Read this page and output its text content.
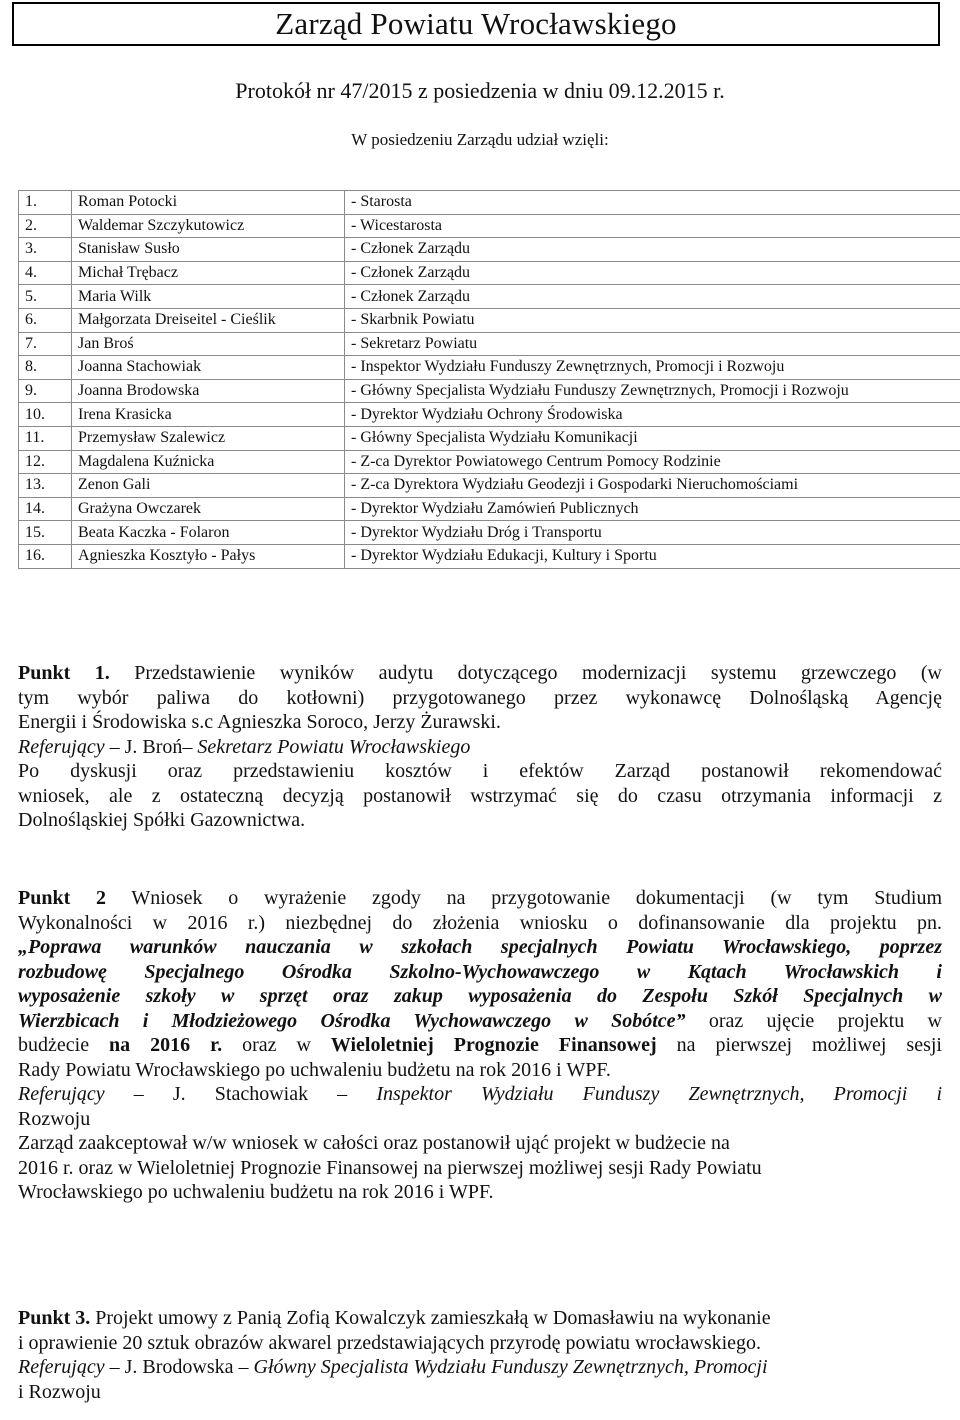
Zarząd Powiatu Wrocławskiego
Protokół nr 47/2015 z posiedzenia w dniu 09.12.2015 r.
W posiedzeniu Zarządu udział wzięli:
1.	Roman Potocki	- Starosta
2.	Waldemar Szczykutowicz	- Wicestarosta
3.	Stanisław Susło	- Członek Zarządu
4.	Michał Trębacz	- Członek Zarządu
5.	Maria Wilk	- Członek Zarządu
6.	Małgorzata Dreiseitel - Cieślik	- Skarbnik Powiatu
7.	Jan Broś	- Sekretarz Powiatu
8.	Joanna Stachowiak	- Inspektor Wydziału Funduszy Zewnętrznych, Promocji i Rozwoju
9.	Joanna Brodowska	- Główny Specjalista Wydziału Funduszy Zewnętrznych, Promocji i Rozwoju
10.	Irena Krasicka	- Dyrektor Wydziału Ochrony Środowiska
11.	Przemysław Szalewicz	- Główny Specjalista Wydziału Komunikacji
12.	Magdalena Kuźnicka	- Z-ca Dyrektor Powiatowego Centrum Pomocy Rodzinie
13.	Zenon Gali	- Z-ca Dyrektora Wydziału Geodezji i Gospodarki Nieruchomościami
14.	Grażyna Owczarek	- Dyrektor Wydziału Zamówień Publicznych
15.	Beata Kaczka - Folaron	- Dyrektor Wydziału Dróg i Transportu
16.	Agnieszka Kosztyło - Pałys	- Dyrektor Wydziału Edukacji, Kultury i Sportu
Punkt 1. Przedstawienie wyników audytu dotyczącego modernizacji systemu grzewczego (w
tym wybór paliwa do kotłowni) przygotowanego przez wykonawcę Dolnośląską Agencję
Energii i Środowiska s.c Agnieszka Soroco, Jerzy Żurawski.
Referujący – J. Broń– Sekretarz Powiatu Wrocławskiego
Po dyskusji oraz przedstawieniu kosztów i efektów Zarząd postanowił rekomendować
wniosek, ale z ostateczną decyzją postanowił wstrzymać się do czasu otrzymania informacji z
Dolnośląskiej Spółki Gazownictwa.
Punkt 2 Wniosek o wyrażenie zgody na przygotowanie dokumentacji (w tym Studium
Wykonalności w 2016 r.) niezbędnej do złożenia wniosku o dofinansowanie dla projektu pn.
„Poprawa warunków nauczania w szkołach specjalnych Powiatu Wrocławskiego, poprzez
rozbudowę Specjalnego Ośrodka Szkolno-Wychowawczego w Kątach Wrocławskich i
wyposażenie szkoły w sprzęt oraz zakup wyposażenia do Zespołu Szkół Specjalnych w
Wierzbicach i Młodzieżowego Ośrodka Wychowawczego w Sobótce” oraz ujęcie projektu w
budżecie na 2016 r. oraz w Wieloletniej Prognozie Finansowej na pierwszej możliwej sesji
Rady Powiatu Wrocławskiego po uchwaleniu budżetu na rok 2016 i WPF.
Referujący – J. Stachowiak – Inspektor Wydziału Funduszy Zewnętrznych, Promocji i
Rozwoju
Zarząd zaakceptował w/w wniosek w całości oraz postanowił ująć projekt w budżecie na
2016 r. oraz w Wieloletniej Prognozie Finansowej na pierwszej możliwej sesji Rady Powiatu
Wrocławskiego po uchwaleniu budżetu na rok 2016 i WPF.
Punkt 3. Projekt umowy z Panią Zofią Kowalczyk zamieszkałą w Domasławiu na wykonanie
i oprawienie 20 sztuk obrazów akwarel przedstawiających przyrodę powiatu wrocławskiego.
Referujący – J. Brodowska – Główny Specjalista Wydziału Funduszy Zewnętrznych, Promocji
i Rozwoju
